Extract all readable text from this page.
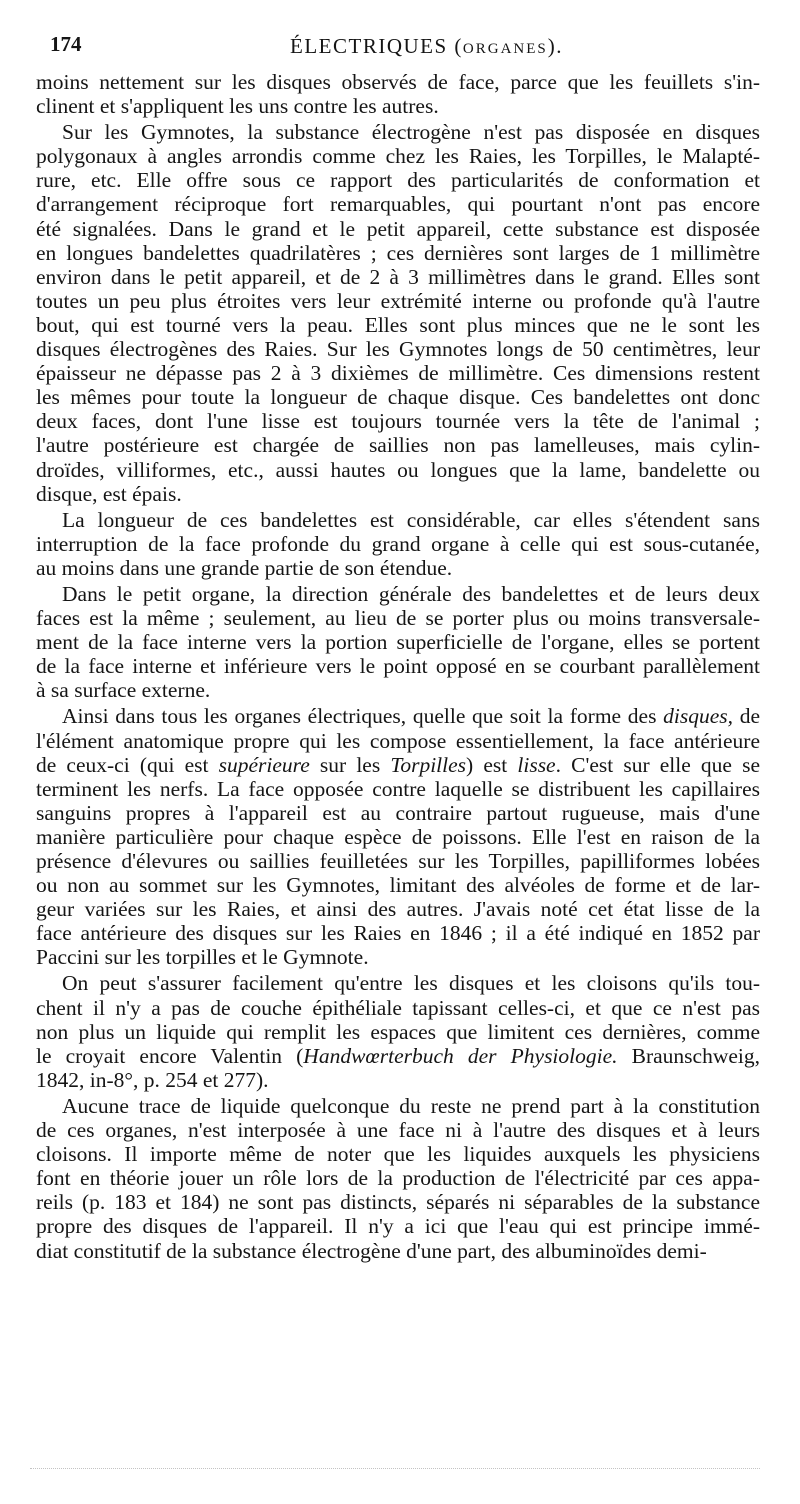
174	ÉLECTRIQUES (ORGANES).
moins nettement sur les disques observés de face, parce que les feuillets s'in-
clinent et s'appliquent les uns contre les autres.
Sur les Gymnotes, la substance électrogène n'est pas disposée en disques
polygonaux à angles arrondis comme chez les Raies, les Torpilles, le Malapté-
rure, etc. Elle offre sous ce rapport des particularités de conformation et
d'arrangement réciproque fort remarquables, qui pourtant n'ont pas encore
été signalées. Dans le grand et le petit appareil, cette substance est disposée
en longues bandelettes quadrilatères ; ces dernières sont larges de 1 millimètre
environ dans le petit appareil, et de 2 à 3 millimètres dans le grand. Elles sont
toutes un peu plus étroites vers leur extrémité interne ou profonde qu'à l'autre
bout, qui est tourné vers la peau. Elles sont plus minces que ne le sont les
disques électrogènes des Raies. Sur les Gymnotes longs de 50 centimètres, leur
épaisseur ne dépasse pas 2 à 3 dixièmes de millimètre. Ces dimensions restent
les mêmes pour toute la longueur de chaque disque. Ces bandelettes ont donc
deux faces, dont l'une lisse est toujours tournée vers la tête de l'animal ;
l'autre postérieure est chargée de saillies non pas lamelleuses, mais cylin-
droïdes, villiformes, etc., aussi hautes ou longues que la lame, bandelette ou
disque, est épais.
La longueur de ces bandelettes est considérable, car elles s'étendent sans
interruption de la face profonde du grand organe à celle qui est sous-cutanée,
au moins dans une grande partie de son étendue.
Dans le petit organe, la direction générale des bandelettes et de leurs deux
faces est la même ; seulement, au lieu de se porter plus ou moins transversale-
ment de la face interne vers la portion superficielle de l'organe, elles se portent
de la face interne et inférieure vers le point opposé en se courbant parallèlement
à sa surface externe.
Ainsi dans tous les organes électriques, quelle que soit la forme des disques, de
l'élément anatomique propre qui les compose essentiellement, la face antérieure
de ceux-ci (qui est supérieure sur les Torpilles) est lisse. C'est sur elle que se
terminent les nerfs. La face opposée contre laquelle se distribuent les capillaires
sanguins propres à l'appareil est au contraire partout rugueuse, mais d'une
manière particulière pour chaque espèce de poissons. Elle l'est en raison de la
présence d'élevures ou saillies feuilletées sur les Torpilles, papilliformes lobées
ou non au sommet sur les Gymnotes, limitant des alvéoles de forme et de lar-
geur variées sur les Raies, et ainsi des autres. J'avais noté cet état lisse de la
face antérieure des disques sur les Raies en 1846 ; il a été indiqué en 1852 par
Paccini sur les torpilles et le Gymnote.
On peut s'assurer facilement qu'entre les disques et les cloisons qu'ils tou-
chent il n'y a pas de couche épithéliale tapissant celles-ci, et que ce n'est pas
non plus un liquide qui remplit les espaces que limitent ces dernières, comme
le croyait encore Valentin (Handwœrterbuch der Physiologie. Braunschweig,
1842, in-8°, p. 254 et 277).
Aucune trace de liquide quelconque du reste ne prend part à la constitution
de ces organes, n'est interposée à une face ni à l'autre des disques et à leurs
cloisons. Il importe même de noter que les liquides auxquels les physiciens
font en théorie jouer un rôle lors de la production de l'électricité par ces appa-
reils (p. 183 et 184) ne sont pas distincts, séparés ni séparables de la substance
propre des disques de l'appareil. Il n'y a ici que l'eau qui est principe immé-
diat constitutif de la substance électrogène d'une part, des albuminoïdes demi-
